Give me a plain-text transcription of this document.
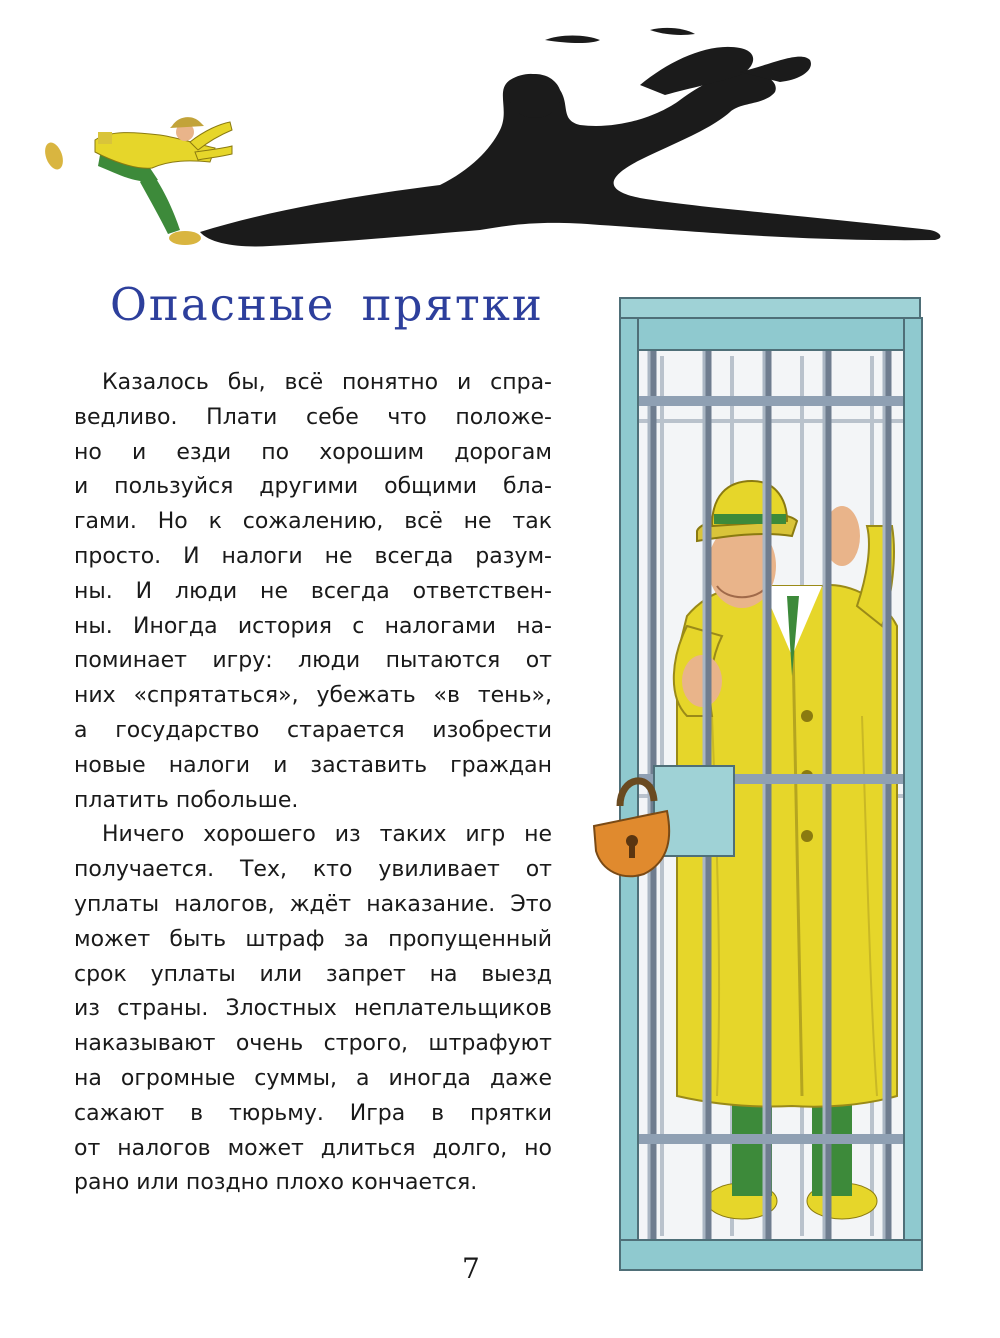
Опасные прятки

Казалось бы, всё понятно и спра-
ведливо. Плати себе что положе-
но и езди по хорошим дорогам
и пользуйся другими общими бла-
гами. Но к сожалению, всё не так
просто. И налоги не всегда разум-
ны. И люди не всегда ответствен-
ны. Иногда история с налогами на-
поминает игру: люди пытаются от
них «спрятаться», убежать «в тень»,
а государство старается изобрести
новые налоги и заставить граждан
платить побольше.

Ничего хорошего из таких игр не
получается. Тех, кто увиливает от
уплаты налогов, ждёт наказание. Это
может быть штраф за пропущенный
срок уплаты или запрет на выезд
из страны. Злостных неплательщиков
наказывают очень строго, штрафуют
на огромные суммы, а иногда даже
сажают в тюрьму. Игра в прятки
от налогов может длиться долго, но
рано или поздно плохо кончается.

7
